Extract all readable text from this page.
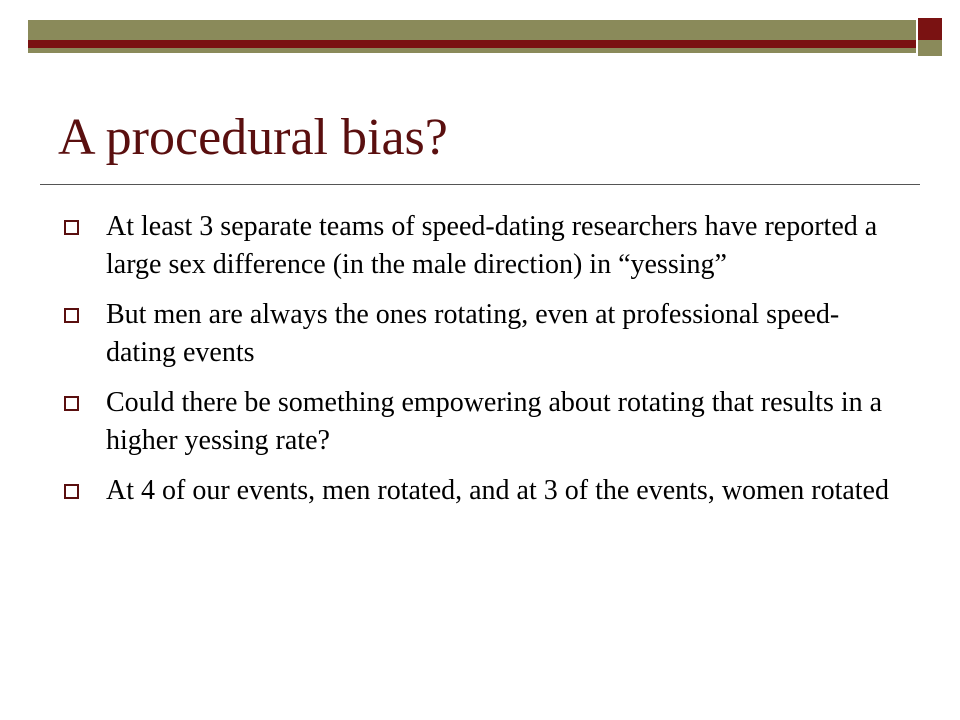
A procedural bias?
At least 3 separate teams of speed-dating researchers have reported a large sex difference (in the male direction) in “yessing”
But men are always the ones rotating, even at professional speed-dating events
Could there be something empowering about rotating that results in a higher yessing rate?
At 4 of our events, men rotated, and at 3 of the events, women rotated
